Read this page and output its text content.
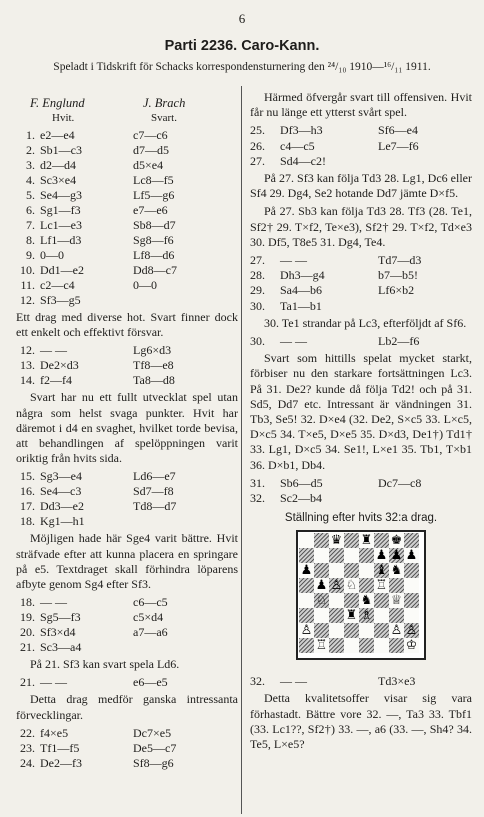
6
Parti 2236. Caro-Kann.
Speladt i Tidskrift för Schacks korrespondensturnering den ²⁴/₁₀ 1910—¹⁶/₁₁ 1911.
F. Englund	J. Brach
Hvit.	Svart.
1. e2—e4	c7—c6
2. Sb1—c3	d7—d5
3. d2—d4	d5×e4
4. Sc3×e4	Lc8—f5
5. Se4—g3	Lf5—g6
6. Sg1—f3	e7—e6
7. Lc1—e3	Sb8—d7
8. Lf1—d3	Sg8—f6
9. 0—0	Lf8—d6
10. Dd1—e2	Dd8—c7
11. c2—c4	0—0
12. Sf3—g5
Ett drag med diverse hot. Svart finner dock ett enkelt och effektivt försvar.
12. — —	Lg6×d3
13. De2×d3	Tf8—e8
14. f2—f4	Ta8—d8
Svart har nu ett fullt utvecklat spel utan några som helst svaga punkter. Hvit har däremot i d4 en svaghet, hvilket torde bevisa, att behandlingen af spelöppningen varit oriktig från hvits sida.
15. Sg3—e4	Ld6—e7
16. Se4—c3	Sd7—f8
17. Dd3—e2	Td8—d7
18. Kg1—h1
Möjligen hade här Sge4 varit bättre. Hvit sträfvade efter att kunna placera en springare på e5. Textdraget skall förhindra löparens afbyte genom Sg4 efter Sf3.
18. — —	c6—c5
19. Sg5—f3	c5×d4
20. Sf3×d4	a7—a6
21. Sc3—a4
På 21. Sf3 kan svart spela Ld6.
21. — —	e6—e5
Detta drag medför ganska intressanta förvecklingar.
22. f4×e5	Dc7×e5
23. Tf1—f5	De5—c7
24. De2—f3	Sf8—g6
Härmed öfvergår svart till offensiven. Hvit får nu länge ett ytterst svårt spel.
25. Df3—h3	Sf6—e4
26. c4—c5	Le7—f6
27. Sd4—c2!
På 27. Sf3 kan följa Td3 28. Lg1, Dc6 eller Sf4 29. Dg4, Se2 hotande Dd7 jämte D×f5.
På 27. Sb3 kan följa Td3 28. Tf3 (28. Te1, Sf2† 29. T×f2, Te×e3), Sf2† 29. T×f2, Td×e3 30. Df5, T8e5 31. Dg4, Te4.
27. — —	Td7—d3
28. Dh3—g4	b7—b5!
29. Sa4—b6	Lf6×b2
30. Ta1—b1
30. Te1 strandar på Lc3, efterföljdt af Sf6.
30. — —	Lb2—f6
Svart som hittills spelat mycket starkt, förbiser nu den starkare fortsättningen Lc3. På 31. De2? kunde då följa Td2! och på 31. Sd5, Dd7 etc. Intressant är vändningen 31. Tb3, Se5! 32. D×e4 (32. De2, S×c5 33. L×c5, D×c5 34. T×e5, D×e5 35. D×d3, De1†) Td1† 33. Lg1, D×c5 34. Se1!, L×e1 35. Tb1, T×b1 36. D×b1, Db4.
31. Sb6—d5	Dc7—c8
32. Sc2—b4
Ställning efter hvits 32:a drag.
♛ ♜ ♚
♟ ♟ ♟
♟	♝ ♞
♟ ♙ ♘ ♖
♘	♞ ♕
♜ ♗
♙	♙ ♙
♖	♔
32. — —	Td3×e3
Detta kvalitetsoffer visar sig vara förhastadt. Bättre vore 32. —, Ta3 33. Tbf1 (33. Lc1??, Sf2†) 33. —, a6 (33. —, Sh4? 34. Te5, L×e5?
